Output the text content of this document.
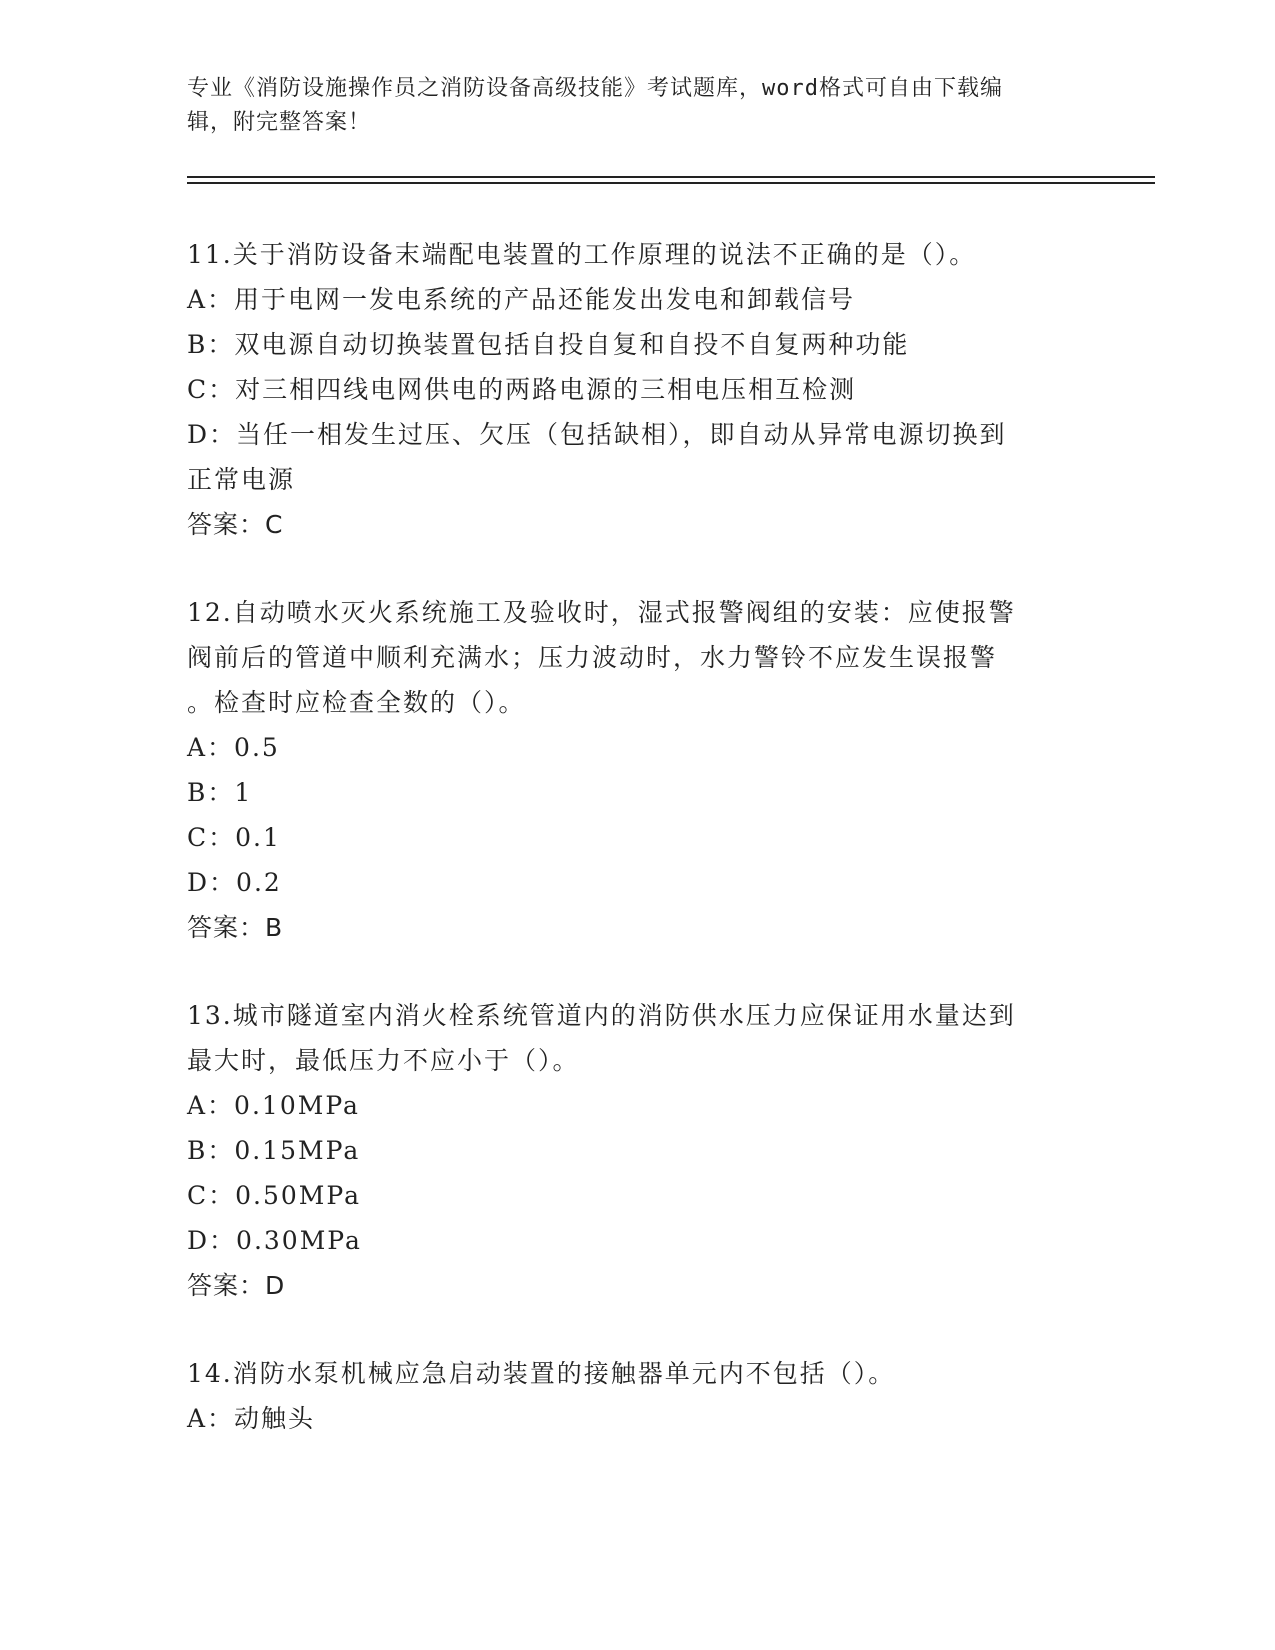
专业《消防设施操作员之消防设备高级技能》考试题库，word格式可自由下载编
辑，附完整答案！
11.关于消防设备末端配电装置的工作原理的说法不正确的是（）。
A：用于电网一发电系统的产品还能发出发电和卸载信号
B：双电源自动切换装置包括自投自复和自投不自复两种功能
C：对三相四线电网供电的两路电源的三相电压相互检测
D：当任一相发生过压、欠压（包括缺相），即自动从异常电源切换到
正常电源
答案：C
12.自动喷水灭火系统施工及验收时，湿式报警阀组的安装：应使报警
阀前后的管道中顺利充满水；压力波动时，水力警铃不应发生误报警
。检查时应检查全数的（）。
A：0.5
B：1
C：0.1
D：0.2
答案：B
13.城市隧道室内消火栓系统管道内的消防供水压力应保证用水量达到
最大时，最低压力不应小于（）。
A：0.10MPa
B：0.15MPa
C：0.50MPa
D：0.30MPa
答案：D
14.消防水泵机械应急启动装置的接触器单元内不包括（）。
A：动触头
